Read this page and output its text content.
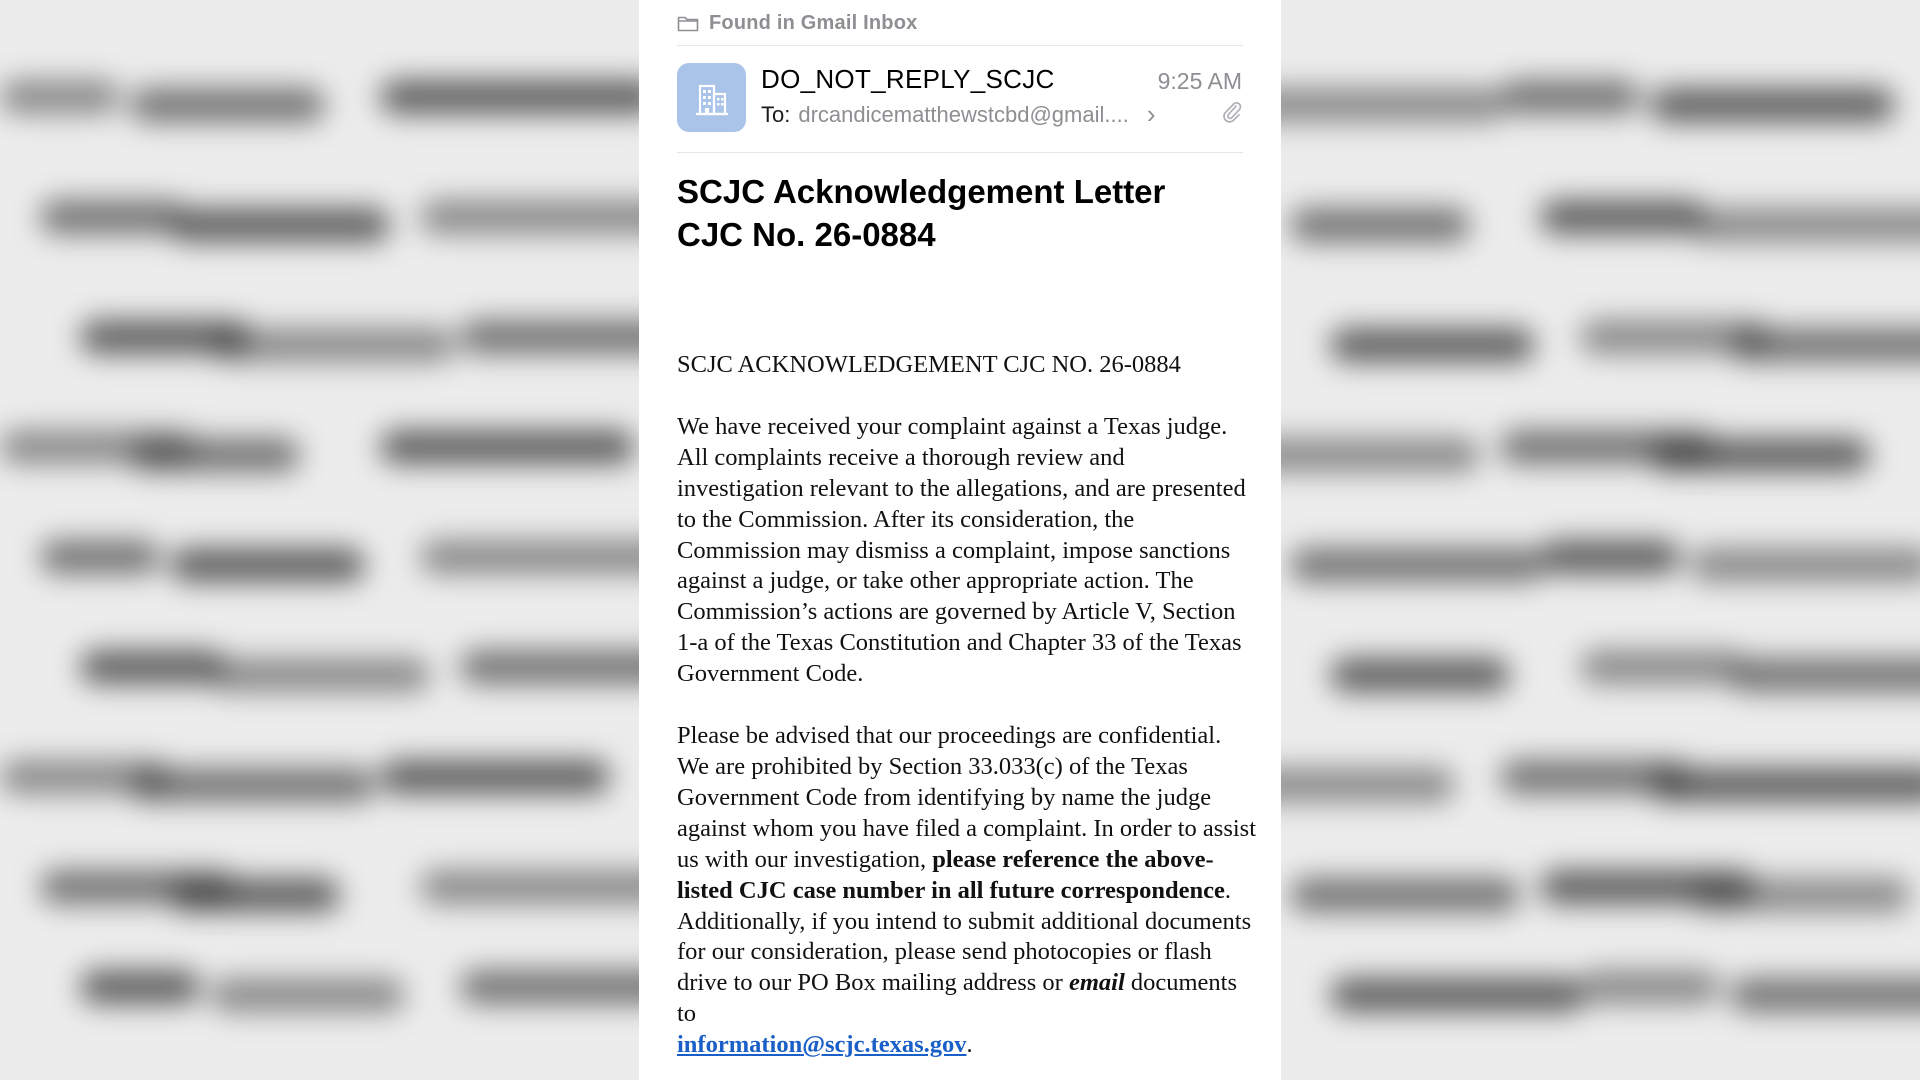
Found in Gmail Inbox
DO_NOT_REPLY_SCJC	9:25 AM
To: drcandicematthewstcbd@gmail.... ›
SCJC Acknowledgement Letter
CJC No. 26-0884
SCJC ACKNOWLEDGEMENT CJC NO. 26-0884

We have received your complaint against a Texas judge. All complaints receive a thorough review and investigation relevant to the allegations, and are presented to the Commission. After its consideration, the Commission may dismiss a complaint, impose sanctions against a judge, or take other appropriate action. The Commission’s actions are governed by Article V, Section 1-a of the Texas Constitution and Chapter 33 of the Texas Government Code.

Please be advised that our proceedings are confidential. We are prohibited by Section 33.033(c) of the Texas Government Code from identifying by name the judge against whom you have filed a complaint. In order to assist us with our investigation, please reference the above-listed CJC case number in all future correspondence. Additionally, if you intend to submit additional documents for our consideration, please send photocopies or flash drive to our PO Box mailing address or email documents to
information@scjc.texas.gov.
